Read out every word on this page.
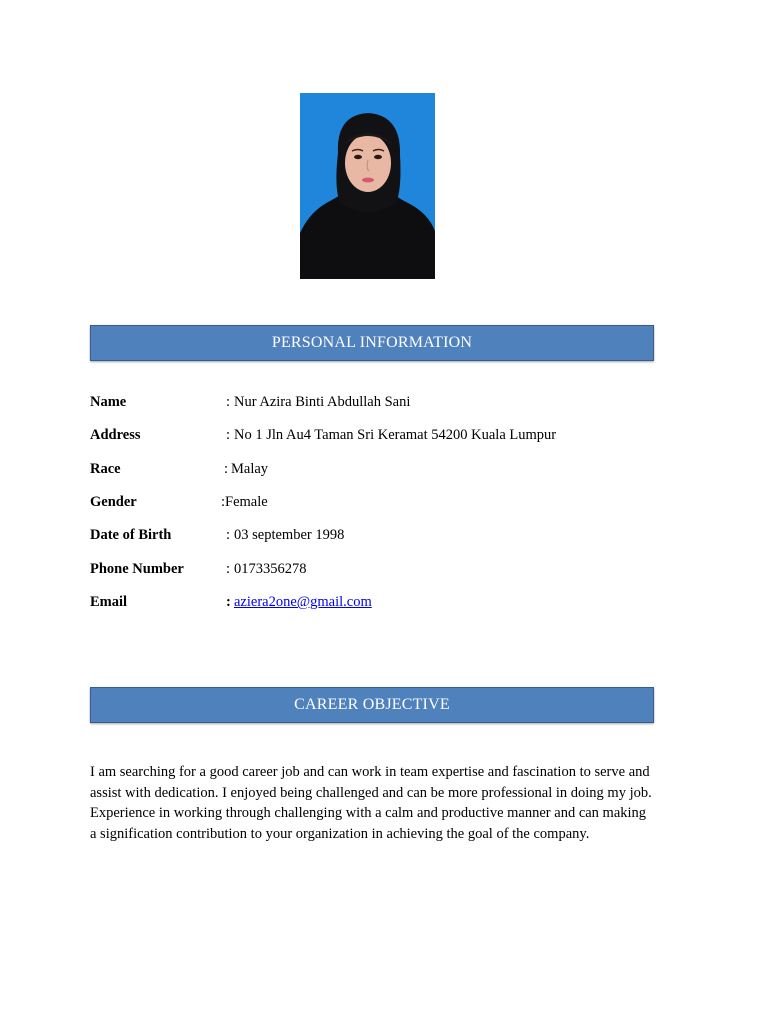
PERSONAL INFORMATION
Name	: Nur Azira Binti Abdullah Sani
Address	: No 1 Jln Au4 Taman Sri Keramat 54200 Kuala Lumpur
Race	: Malay
Gender	: Female
Date of Birth	: 03 september 1998
Phone Number	: 0173356278
Email	: aziera2one@gmail.com
CAREER OBJECTIVE
I am searching for a good career job and can work in team expertise and fascination to serve and
assist with dedication. I enjoyed being challenged and can be more professional in doing my job.
Experience in working through challenging with a calm and productive manner and can making
a signification contribution to your organization in achieving the goal of the company.
